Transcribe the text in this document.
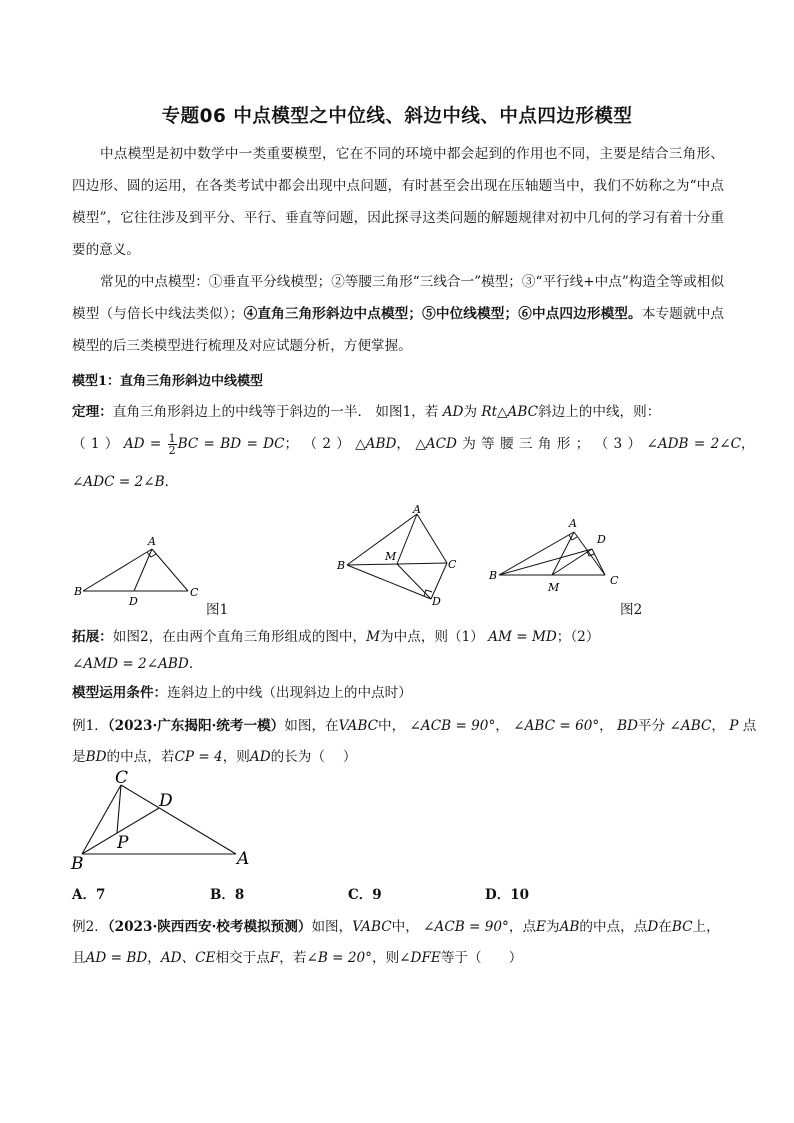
专题06 中点模型之中位线、斜边中线、中点四边形模型
中点模型是初中数学中一类重要模型，它在不同的环境中都会起到的作用也不同，主要是结合三角形、四边形、圆的运用，在各类考试中都会出现中点问题，有时甚至会出现在压轴题当中，我们不妨称之为“中点模型”，它往往涉及到平分、平行、垂直等问题，因此探寻这类问题的解题规律对初中几何的学习有着十分重要的意义。
常见的中点模型：①垂直平分线模型；②等腰三角形“三线合一”模型；③“平行线+中点”构造全等或相似模型（与倍长中线法类似）；④直角三角形斜边中点模型；⑤中位线模型；⑥中点四边形模型。本专题就中点模型的后三类模型进行梳理及对应试题分析，方便掌握。
模型1：直角三角形斜边中线模型
定理：直角三角形斜边上的中线等于斜边的一半． 如图1，若 AD为 Rt△ABC斜边上的中线，则：
（ 1 ） AD = $\frac{1}{2}$ BC = BD = DC； （ 2 ） △ABD， △ACD 为 等 腰 三 角 形 ； （ 3 ） ∠ADB = 2∠C，
∠ADC = 2∠B．
B
A
C
D
图1
B
A
C
D
M
B
A
D
C
M
图2
拓展：如图2，在由两个直角三角形组成的图中，M为中点，则（1） AM = MD；（2）
∠AMD = 2∠ABD．
模型运用条件：连斜边上的中线（出现斜边上的中点时）
例1．（2023·广东揭阳·统考一模）如图，在VABC中， ∠ACB = 90°， ∠ABC = 60°， BD平分 ∠ABC， P 点
是BD的中点，若CP = 4，则AD的长为（　 ）
B
C
D
P
A
A．7	B．8	C．9	D．10
例2．（2023·陕西西安·校考模拟预测）如图，VABC中， ∠ACB = 90°，点E为AB的中点，点D在BC上，
且AD = BD，AD、CE相交于点F，若∠B = 20°，则∠DFE等于（　　）
